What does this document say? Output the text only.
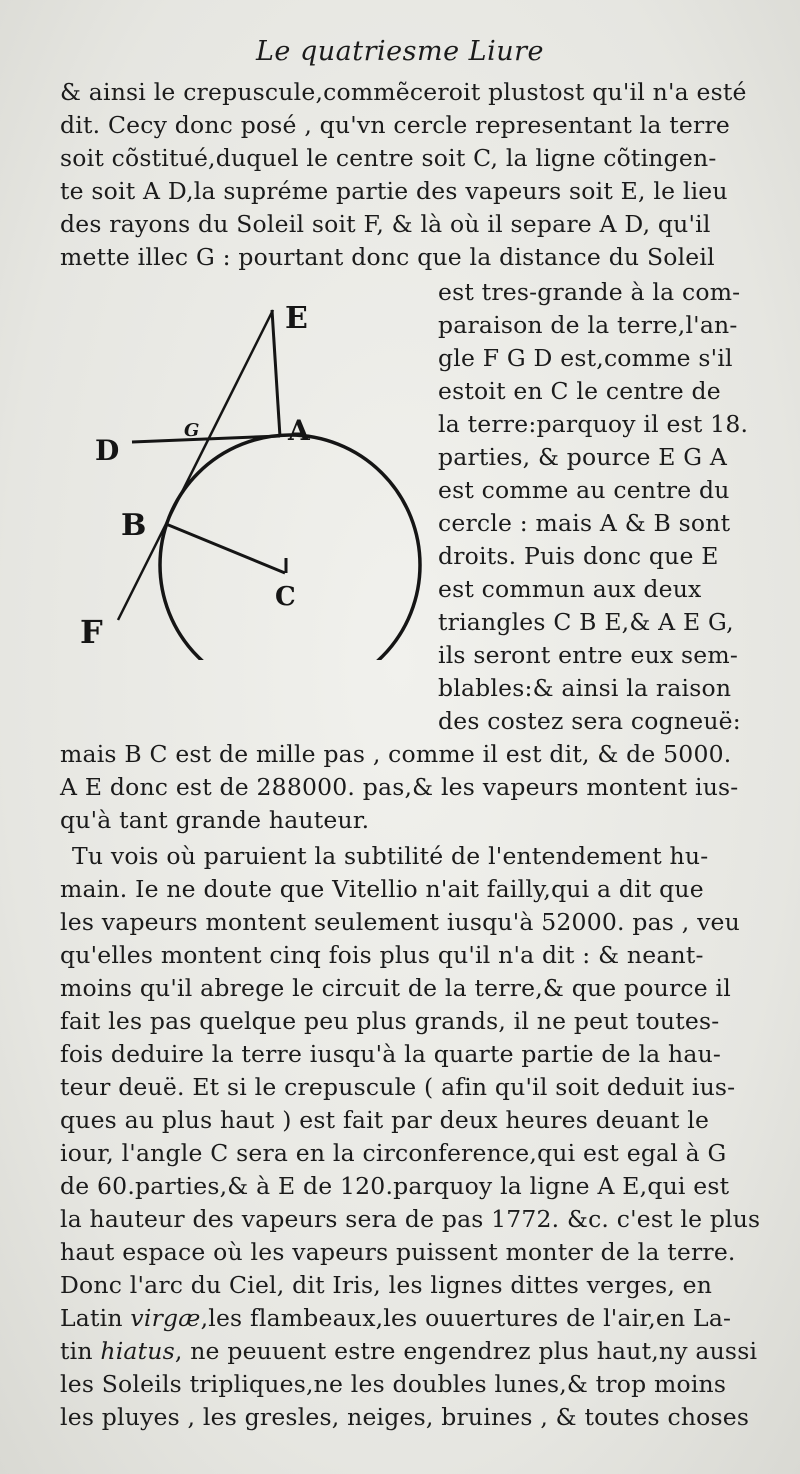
Le quatriesme Liure
& ainsi le crepuscule,commẽceroit plustost qu'il n'a esté
dit. Cecy donc posé , qu'vn cercle representant la terre
soit cõstitué,duquel le centre soit C, la ligne cõtingen-
te soit A D,la supréme partie des vapeurs soit E, le lieu
des rayons du Soleil soit F, & là où il separe A D, qu'il
mette illec G : pourtant donc que la distance du Soleil
E
A
D
G
B
C
F
est tres-grande à la com-
paraison de la terre,l'an-
gle F G D est,comme s'il
estoit en C le centre de
la terre:parquoy il est 18.
parties, & pource E G A
est comme au centre du
cercle : mais A & B sont
droits. Puis donc que E
est commun aux deux
triangles C B E,& A E G,
ils seront entre eux sem-
blables:& ainsi la raison
des costez sera cogneuë:
mais B C est de mille pas , comme il est dit, & de 5000.
A E donc est de 288000. pas,& les vapeurs montent ius-
qu'à tant grande hauteur.
Tu vois où paruient la subtilité de l'entendement hu-
main. Ie ne doute que Vitellio n'ait failly,qui a dit que
les vapeurs montent seulement iusqu'à 52000. pas , veu
qu'elles montent cinq fois plus qu'il n'a dit : & neant-
moins qu'il abrege le circuit de la terre,& que pource il
fait les pas quelque peu plus grands, il ne peut toutes-
fois deduire la terre iusqu'à la quarte partie de la hau-
teur deuë. Et si le crepuscule ( afin qu'il soit deduit ius-
ques au plus haut ) est fait par deux heures deuant le
iour, l'angle C sera en la circonference,qui est egal à G
de 60.parties,& à E de 120.parquoy la ligne A E,qui est
la hauteur des vapeurs sera de pas 1772. &c. c'est le plus
haut espace où les vapeurs puissent monter de la terre.
Donc l'arc du Ciel, dit Iris, les lignes dittes verges, en
Latin virgæ,les flambeaux,les ouuertures de l'air,en La-
tin hiatus, ne peuuent estre engendrez plus haut,ny aussi
les Soleils tripliques,ne les doubles lunes,& trop moins
les pluyes , les gresles, neiges, bruines , & toutes choses
